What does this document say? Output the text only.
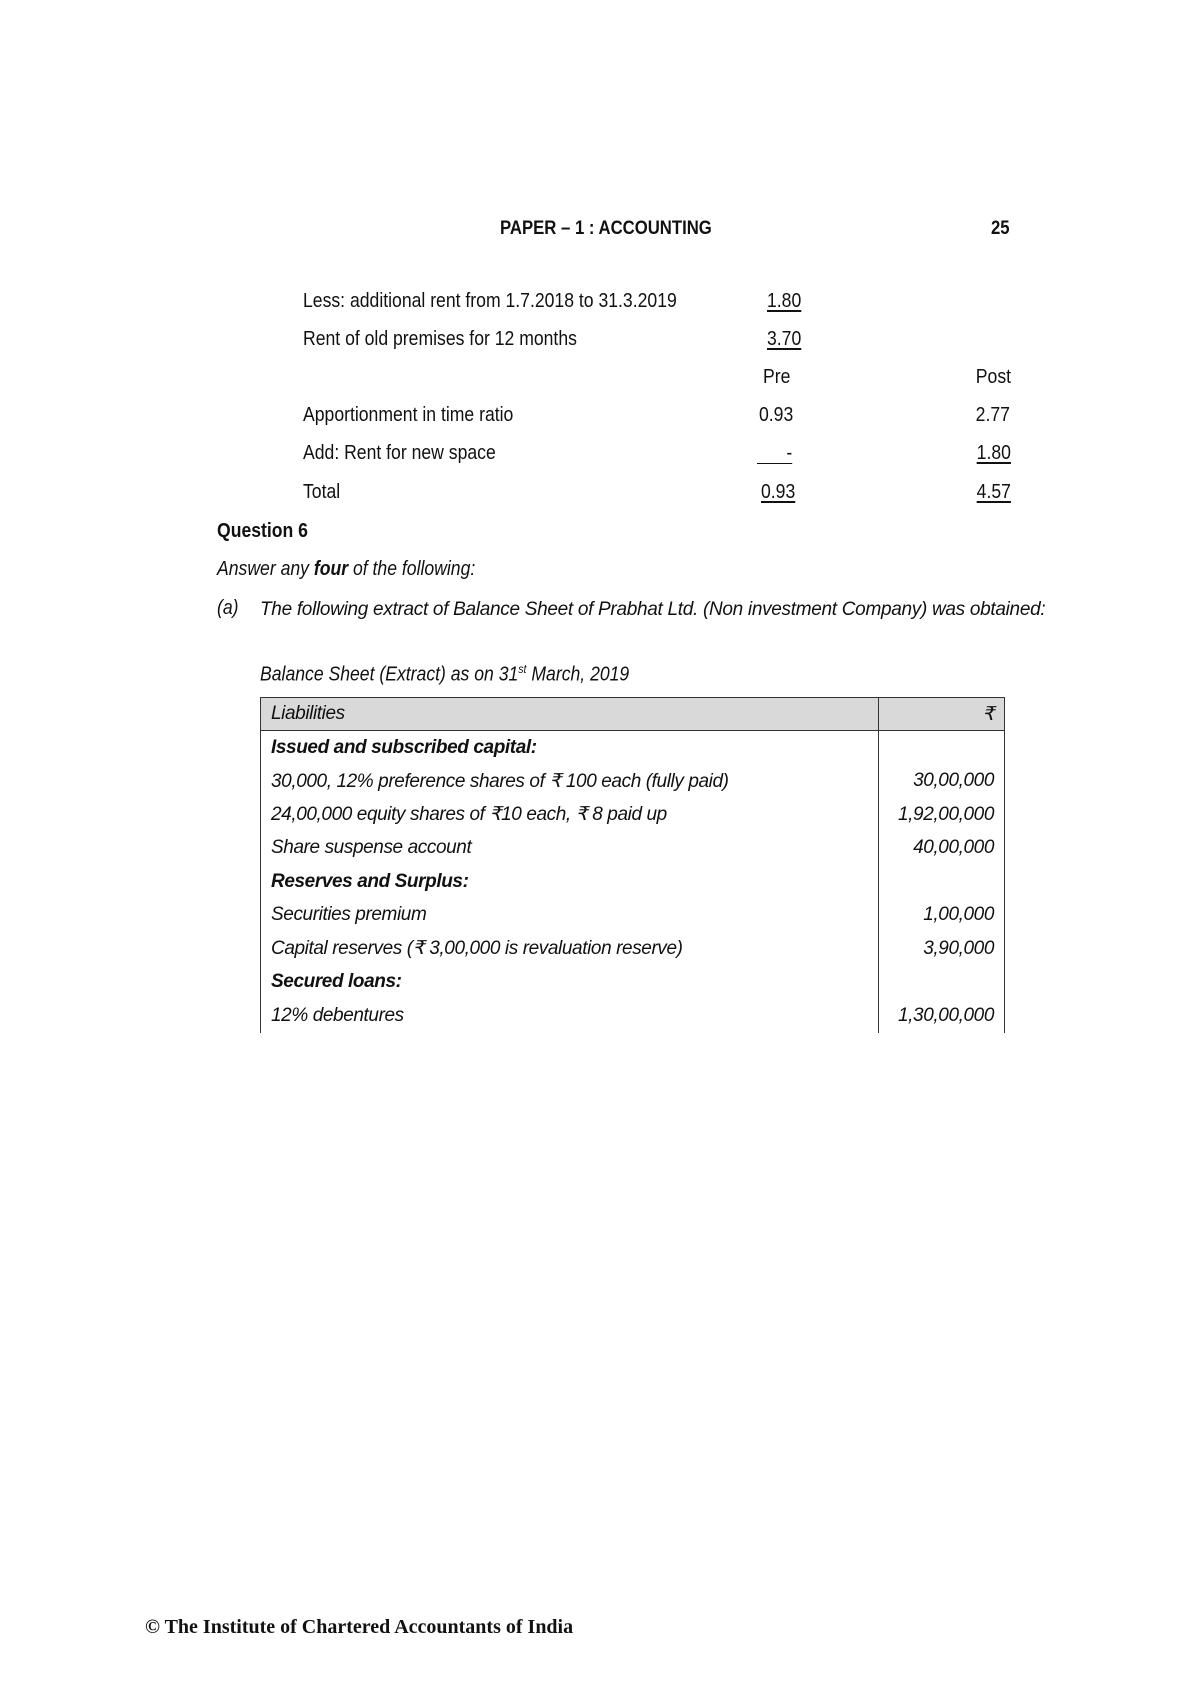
PAPER – 1 : ACCOUNTING	25
Less: additional rent from 1.7.2018 to 31.3.2019	1.80
Rent of old premises for 12 months	3.70
Pre	Post
Apportionment in time ratio	0.93	2.77
Add: Rent for new space	-	1.80
Total	0.93	4.57
Question 6
Answer any four of the following:
(a) The following extract of Balance Sheet of Prabhat Ltd. (Non investment Company) was obtained:
Balance Sheet (Extract) as on 31st March, 2019
Liabilities	₹
Issued and subscribed capital:	
30,000, 12% preference shares of ₹ 100 each (fully paid)	30,00,000
24,00,000 equity shares of ₹10 each, ₹ 8 paid up	1,92,00,000
Share suspense account	40,00,000
Reserves and Surplus:	
Securities premium	1,00,000
Capital reserves (₹ 3,00,000 is revaluation reserve)	3,90,000
Secured loans:	
12% debentures	1,30,00,000
© The Institute of Chartered Accountants of India
